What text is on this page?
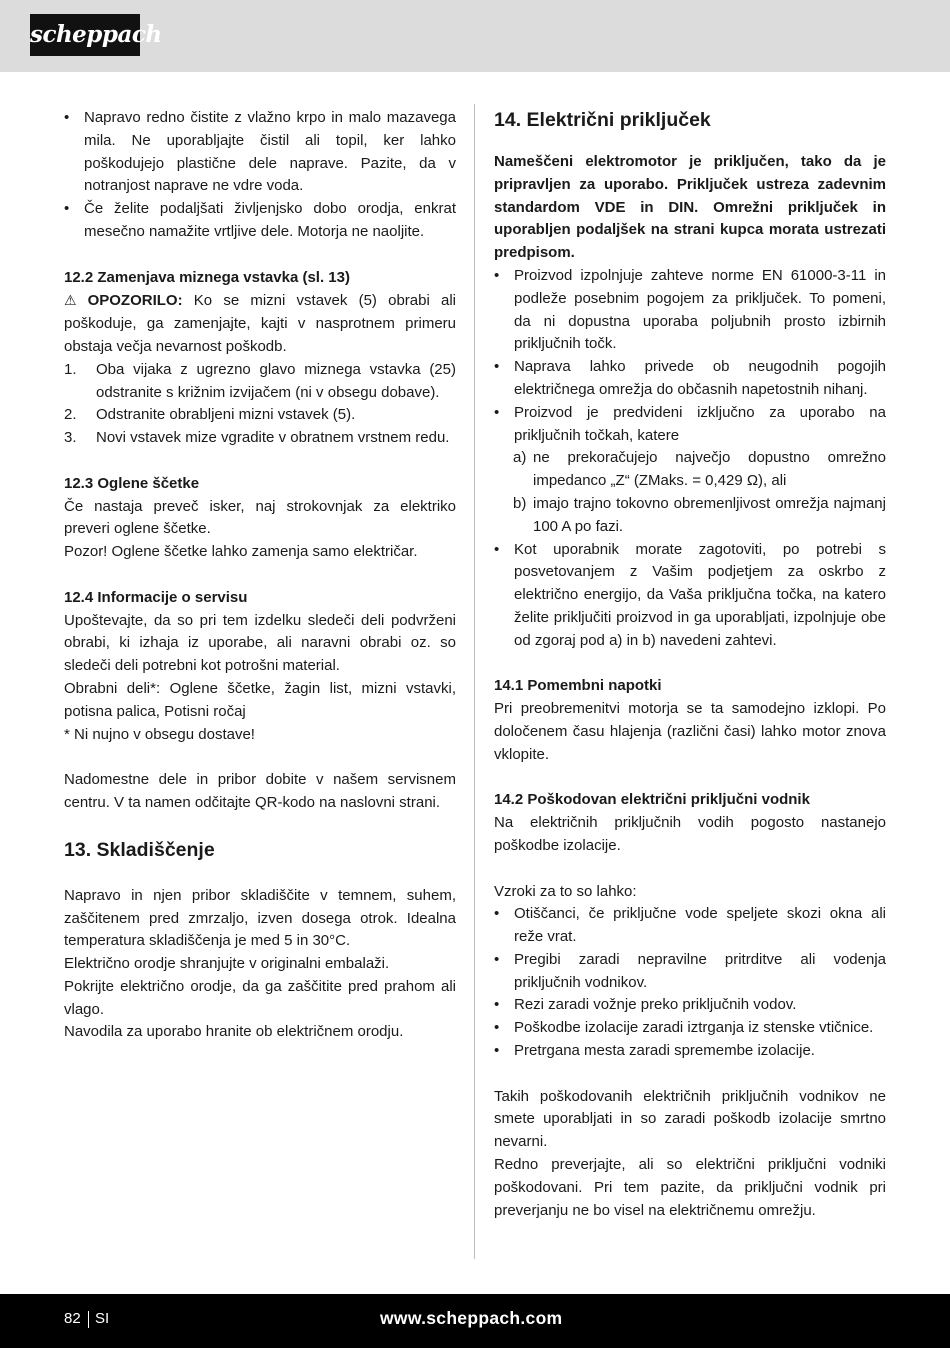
scheppach
• Napravo redno čistite z vlažno krpo in malo mazavega mila. Ne uporabljajte čistil ali topil, ker lahko poškodujejo plastične dele naprave. Pazite, da v notranjost naprave ne vdre voda.
• Če želite podaljšati življenjsko dobo orodja, enkrat mesečno namažite vrtljive dele. Motorja ne naoljite.
12.2 Zamenjava miznega vstavka (sl. 13)

⚠ OPOZORILO: Ko se mizni vstavek (5) obrabi ali poškoduje, ga zamenjajte, kajti v nasprotnem primeru obstaja večja nevarnost poškodb.

1. Oba vijaka z ugrezno glavo miznega vstavka (25) odstranite s križnim izvijačem (ni v obsegu dobave).
2. Odstranite obrabljeni mizni vstavek (5).
3. Novi vstavek mize vgradite v obratnem vrstnem redu.
12.3 Oglene ščetke

Če nastaja preveč isker, naj strokovnjak za elektriko preveri oglene ščetke.

Pozor! Oglene ščetke lahko zamenja samo električar.

12.4 Informacije o servisu

Upoštevajte, da so pri tem izdelku sledeči deli podvrženi obrabi, ki izhaja iz uporabe, ali naravni obrabi oz. so sledeči deli potrebni kot potrošni material.

Obrabni deli*: Oglene ščetke, žagin list, mizni vstavki, potisna palica, Potisni ročaj

* Ni nujno v obsegu dostave!

Nadomestne dele in pribor dobite v našem servisnem centru. V ta namen odčitajte QR-kodo na naslovni strani.

13. Skladiščenje

Napravo in njen pribor skladiščite v temnem, suhem, zaščitenem pred zmrzaljo, izven dosega otrok. Idealna temperatura skladiščenja je med 5 in 30°C.

Električno orodje shranjujte v originalni embalaži.

Pokrijte električno orodje, da ga zaščitite pred prahom ali vlago.

Navodila za uporabo hranite ob električnem orodju.

14. Električni priključek

Nameščeni elektromotor je priključen, tako da je pripravljen za uporabo. Priključek ustreza zadevnim standardom VDE in DIN. Omrežni priključek in uporabljen podaljšek na strani kupca morata ustrezati predpisom.

• Proizvod izpolnjuje zahteve norme EN 61000-3-11 in podleže posebnim pogojem za priključek. To pomeni, da ni dopustna uporaba poljubnih prosto izbirnih priključnih točk.
• Naprava lahko privede ob neugodnih pogojih električnega omrežja do občasnih napetostnih nihanj.
• Proizvod je predvideni izključno za uporabo na priključnih točkah, katere
a) ne prekoračujejo največjo dopustno omrežno impedanco „Z“ (ZMaks. = 0,429 Ω), ali
b) imajo trajno tokovno obremenljivost omrežja najmanj 100 A po fazi.
• Kot uporabnik morate zagotoviti, po potrebi s posvetovanjem z Vašim podjetjem za oskrbo z električno energijo, da Vaša priključna točka, na katero želite priključiti proizvod in ga uporabljati, izpolnjuje obe od zgoraj pod a) in b) navedeni zahtevi.
14.1 Pomembni napotki

Pri preobremenitvi motorja se ta samodejno izklopi. Po določenem času hlajenja (različni časi) lahko motor znova vklopite.

14.2 Poškodovan električni priključni vodnik

Na električnih priključnih vodih pogosto nastanejo poškodbe izolacije.

Vzroki za to so lahko:

• Otiščanci, če priključne vode speljete skozi okna ali reže vrat.
• Pregibi zaradi nepravilne pritrditve ali vodenja priključnih vodnikov.
• Rezi zaradi vožnje preko priključnih vodov.
• Poškodbe izolacije zaradi iztrganja iz stenske vtičnice.
• Pretrgana mesta zaradi spremembe izolacije.

Takih poškodovanih električnih priključnih vodnikov ne smete uporabljati in so zaradi poškodb izolacije smrtno nevarni.

Redno preverjajte, ali so električni priključni vodniki poškodovani. Pri tem pazite, da priključni vodnik pri preverjanju ne bo visel na električnemu omrežju.

82 SI	www.scheppach.com
